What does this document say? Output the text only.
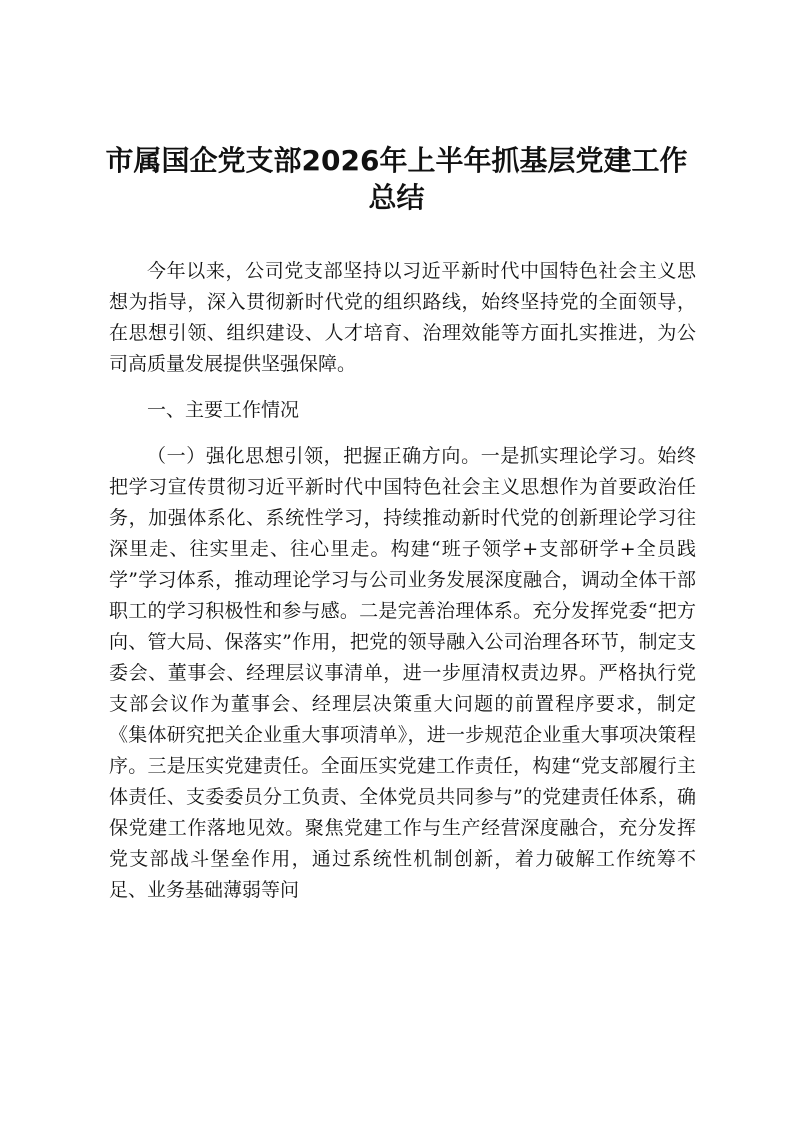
市属国企党支部2026年上半年抓基层党建工作总结

今年以来，公司党支部坚持以习近平新时代中国特色社会主义思想为指导，深入贯彻新时代党的组织路线，始终坚持党的全面领导，在思想引领、组织建设、人才培育、治理效能等方面扎实推进，为公司高质量发展提供坚强保障。

一、主要工作情况

（一）强化思想引领，把握正确方向。一是抓实理论学习。始终把学习宣传贯彻习近平新时代中国特色社会主义思想作为首要政治任务，加强体系化、系统性学习，持续推动新时代党的创新理论学习往深里走、往实里走、往心里走。构建“班子领学+支部研学+全员践学”学习体系，推动理论学习与公司业务发展深度融合，调动全体干部职工的学习积极性和参与感。二是完善治理体系。充分发挥党委“把方向、管大局、保落实”作用，把党的领导融入公司治理各环节，制定支委会、董事会、经理层议事清单，进一步厘清权责边界。严格执行党支部会议作为董事会、经理层决策重大问题的前置程序要求，制定《集体研究把关企业重大事项清单》，进一步规范企业重大事项决策程序。三是压实党建责任。全面压实党建工作责任，构建“党支部履行主体责任、支委委员分工负责、全体党员共同参与”的党建责任体系，确保党建工作落地见效。聚焦党建工作与生产经营深度融合，充分发挥党支部战斗堡垒作用，通过系统性机制创新，着力破解工作统筹不足、业务基础薄弱等问
